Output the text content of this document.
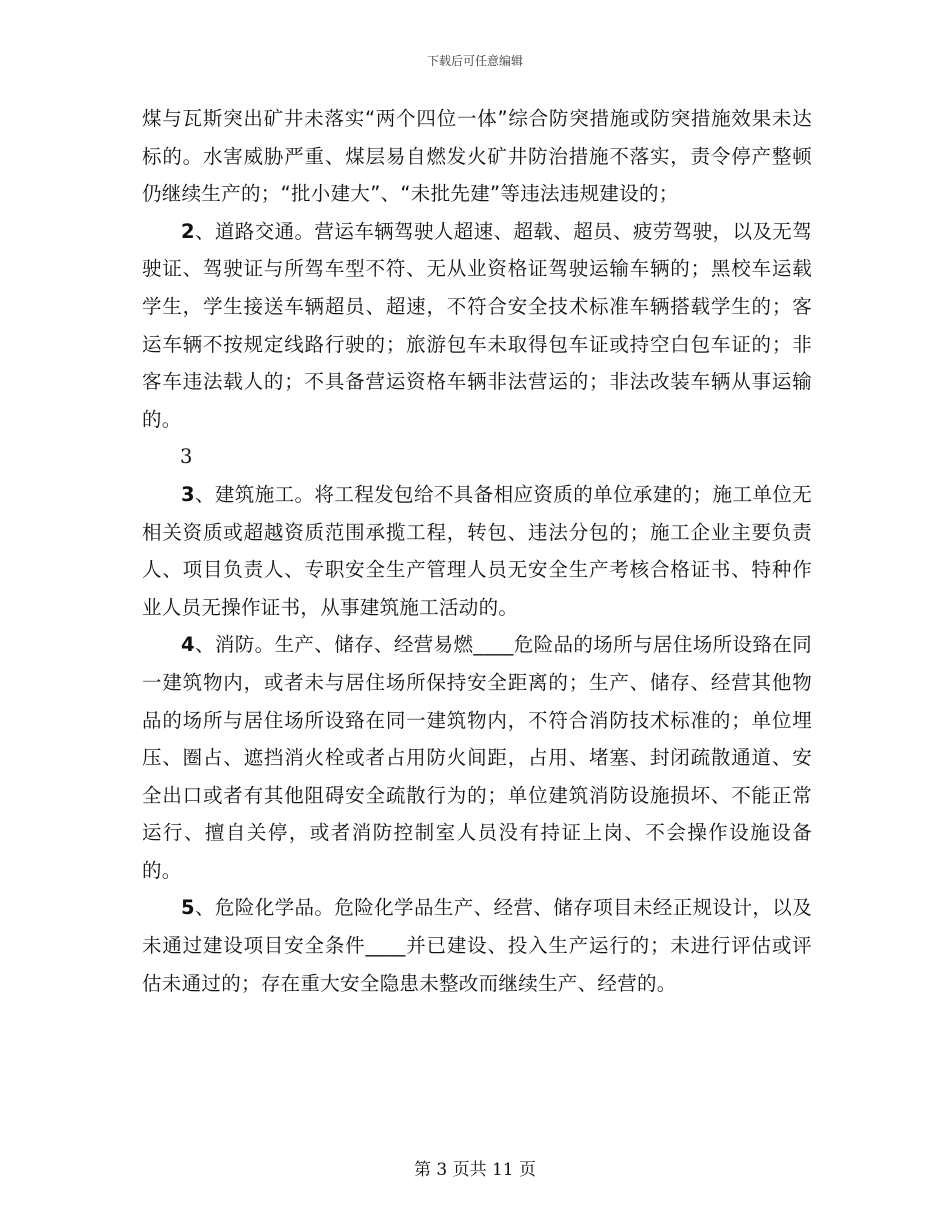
下载后可任意编辑

煤与瓦斯突出矿井未落实“两个四位一体”综合防突措施或防突措施效果未达标的。水害威胁严重、煤层易自燃发火矿井防治措施不落实，责令停产整顿仍继续生产的；“批小建大”、“未批先建”等违法违规建设的；

2、道路交通。营运车辆驾驶人超速、超载、超员、疲劳驾驶，以及无驾驶证、驾驶证与所驾车型不符、无从业资格证驾驶运输车辆的；黑校车运载学生，学生接送车辆超员、超速，不符合安全技术标准车辆搭载学生的；客运车辆不按规定线路行驶的；旅游包车未取得包车证或持空白包车证的；非客车违法载人的；不具备营运资格车辆非法营运的；非法改装车辆从事运输的。

3

3、建筑施工。将工程发包给不具备相应资质的单位承建的；施工单位无相关资质或超越资质范围承揽工程，转包、违法分包的；施工企业主要负责人、项目负责人、专职安全生产管理人员无安全生产考核合格证书、特种作业人员无操作证书，从事建筑施工活动的。

4、消防。生产、储存、经营易燃____危险品的场所与居住场所设臵在同一建筑物内，或者未与居住场所保持安全距离的；生产、储存、经营其他物品的场所与居住场所设臵在同一建筑物内，不符合消防技术标准的；单位埋压、圈占、遮挡消火栓或者占用防火间距，占用、堵塞、封闭疏散通道、安全出口或者有其他阻碍安全疏散行为的；单位建筑消防设施损坏、不能正常运行、擅自关停，或者消防控制室人员没有持证上岗、不会操作设施设备的。

5、危险化学品。危险化学品生产、经营、储存项目未经正规设计，以及未通过建设项目安全条件____并已建设、投入生产运行的；未进行评估或评估未通过的；存在重大安全隐患未整改而继续生产、经营的。

第 3 页共 11 页
